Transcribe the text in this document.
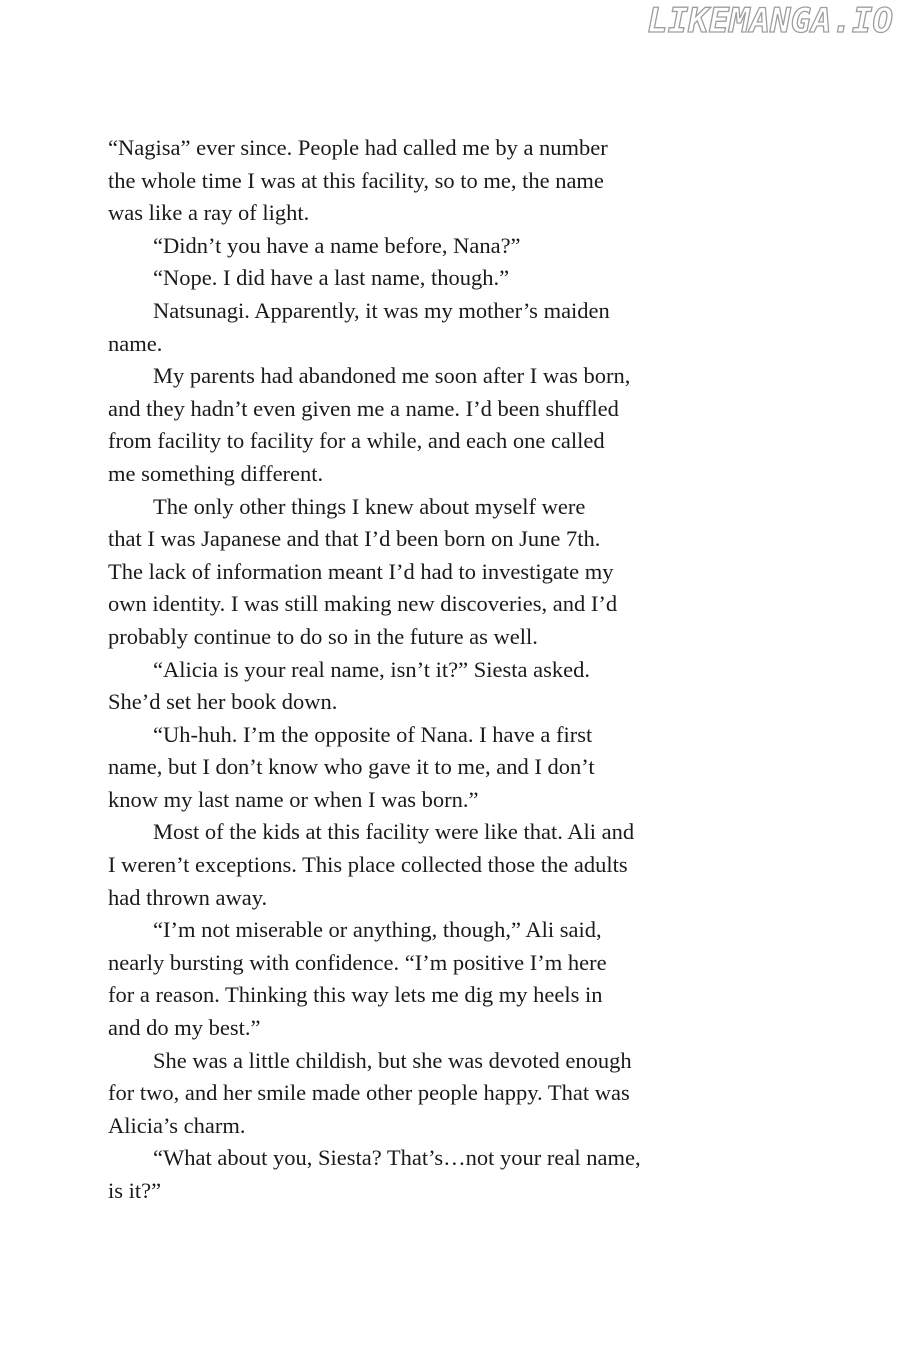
LIKEMANGA.IO
“Nagisa” ever since. People had called me by a number
the whole time I was at this facility, so to me, the name
was like a ray of light.
“Didn’t you have a name before, Nana?”
“Nope. I did have a last name, though.”
Natsunagi. Apparently, it was my mother’s maiden
name.
My parents had abandoned me soon after I was born,
and they hadn’t even given me a name. I’d been shuffled
from facility to facility for a while, and each one called
me something different.
The only other things I knew about myself were
that I was Japanese and that I’d been born on June 7th.
The lack of information meant I’d had to investigate my
own identity. I was still making new discoveries, and I’d
probably continue to do so in the future as well.
“Alicia is your real name, isn’t it?” Siesta asked.
She’d set her book down.
“Uh-huh. I’m the opposite of Nana. I have a first
name, but I don’t know who gave it to me, and I don’t
know my last name or when I was born.”
Most of the kids at this facility were like that. Ali and
I weren’t exceptions. This place collected those the adults
had thrown away.
“I’m not miserable or anything, though,” Ali said,
nearly bursting with confidence. “I’m positive I’m here
for a reason. Thinking this way lets me dig my heels in
and do my best.”
She was a little childish, but she was devoted enough
for two, and her smile made other people happy. That was
Alicia’s charm.
“What about you, Siesta? That’s…not your real name,
is it?”
